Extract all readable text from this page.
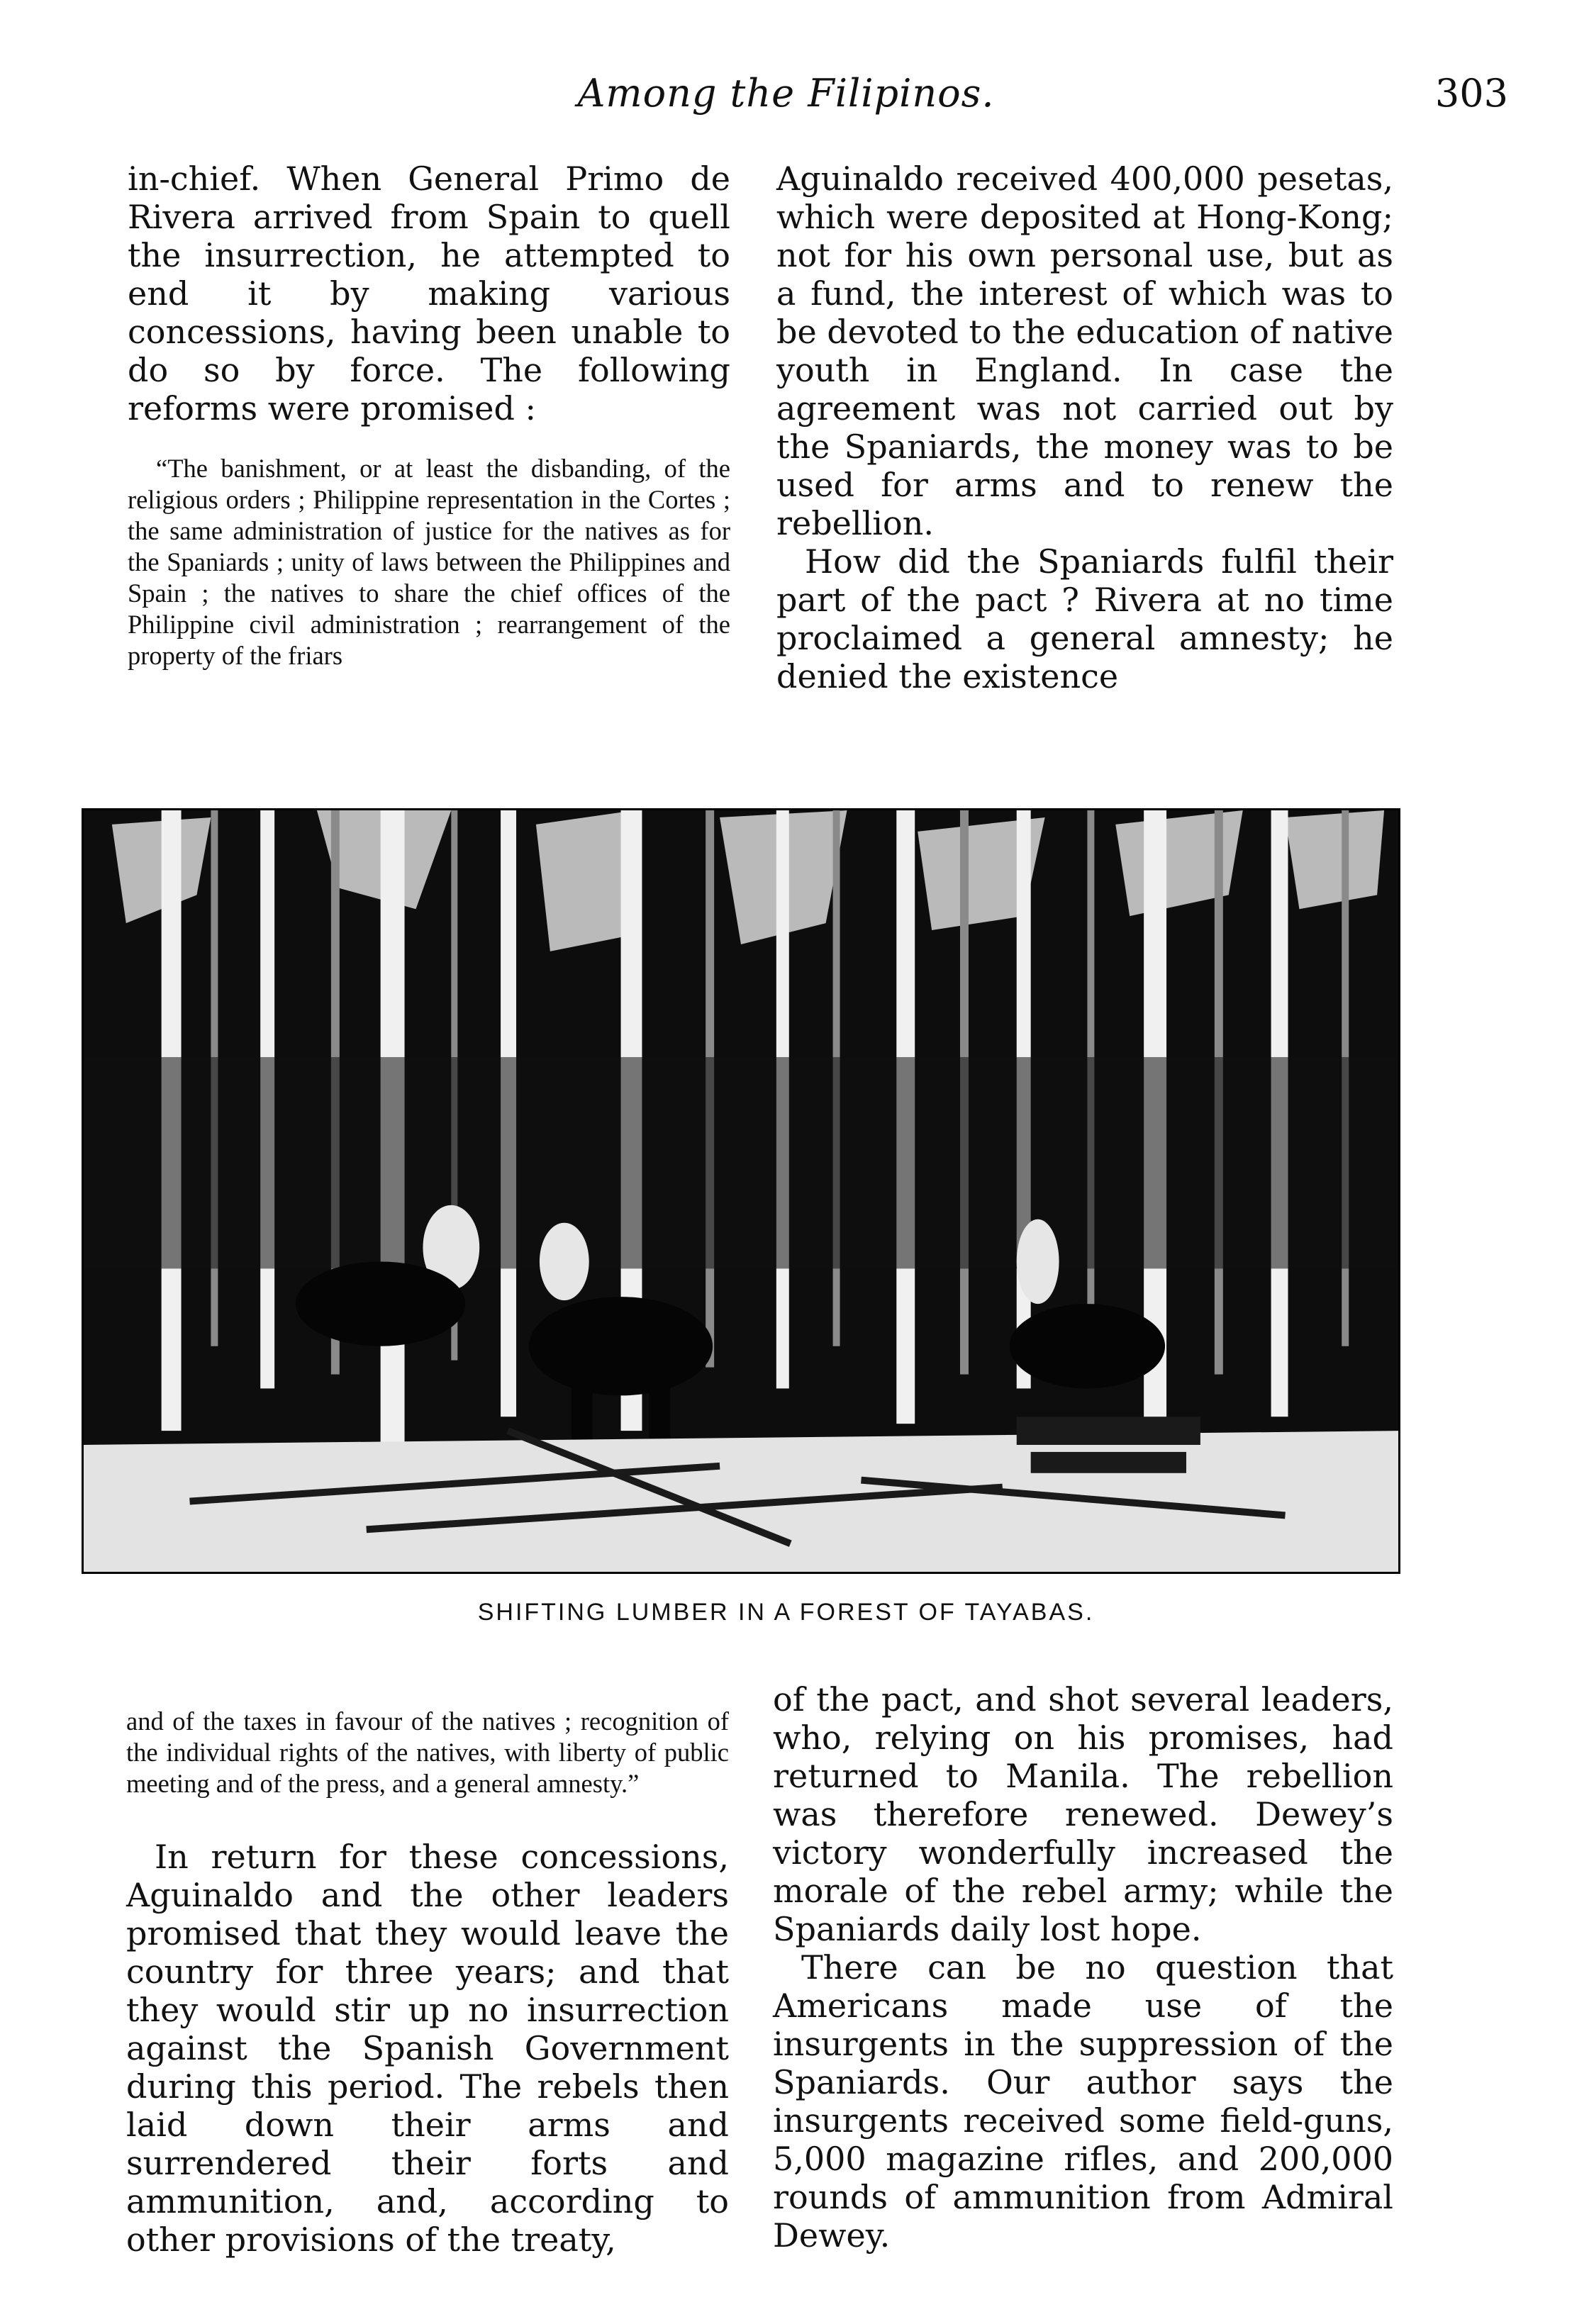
Among the Filipinos.	303

in-chief. When General Primo de Rivera arrived from Spain to quell the insurrection, he attempted to end it by making various concessions, having been unable to do so by force. The following reforms were promised :

“The banishment, or at least the disbanding, of the religious orders ; Philippine representation in the Cortes ; the same administration of justice for the natives as for the Spaniards ; unity of laws between the Philippines and Spain ; the natives to share the chief offices of the Philippine civil administration ; rearrangement of the property of the friars

Aguinaldo received 400,000 pesetas, which were deposited at Hong-Kong; not for his own personal use, but as a fund, the interest of which was to be devoted to the education of native youth in England. In case the agreement was not carried out by the Spaniards, the money was to be used for arms and to renew the rebellion.

How did the Spaniards fulfil their part of the pact ? Rivera at no time proclaimed a general amnesty; he denied the existence

SHIFTING LUMBER IN A FOREST OF TAYABAS.

and of the taxes in favour of the natives ; recognition of the individual rights of the natives, with liberty of public meeting and of the press, and a general amnesty.”

In return for these concessions, Aguinaldo and the other leaders promised that they would leave the country for three years; and that they would stir up no insurrection against the Spanish Government during this period. The rebels then laid down their arms and surrendered their forts and ammunition, and, according to other provisions of the treaty,

of the pact, and shot several leaders, who, relying on his promises, had returned to Manila. The rebellion was therefore renewed. Dewey’s victory wonderfully increased the morale of the rebel army; while the Spaniards daily lost hope.

There can be no question that Americans made use of the insurgents in the suppression of the Spaniards. Our author says the insurgents received some field-guns, 5,000 magazine rifles, and 200,000 rounds of ammunition from Admiral Dewey.
